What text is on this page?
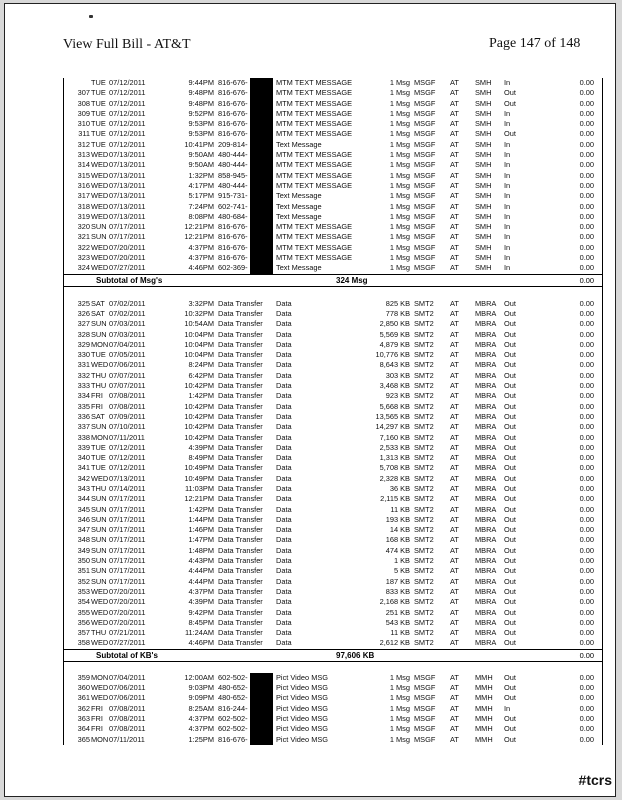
View Full Bill - AT&T	Page 147 of 148
TUE 07/12/2011	9:44PM 816-676-	MTM TEXT MESSAGE	1 Msg MSGF AT SMH In	0.00
307 TUE 07/12/2011	9:48PM 816-676-	MTM TEXT MESSAGE	1 Msg MSGF AT SMH Out	0.00
308 TUE 07/12/2011	9:48PM 816-676-	MTM TEXT MESSAGE	1 Msg MSGF AT SMH Out	0.00
309 TUE 07/12/2011	9:52PM 816-676-	MTM TEXT MESSAGE	1 Msg MSGF AT SMH In	0.00
310 TUE 07/12/2011	9:53PM 816-676-	MTM TEXT MESSAGE	1 Msg MSGF AT SMH In	0.00
311 TUE 07/12/2011	9:53PM 816-676-	MTM TEXT MESSAGE	1 Msg MSGF AT SMH Out	0.00
312 TUE 07/12/2011	10:41PM 209-814-	Text Message	1 Msg MSGF AT SMH In	0.00
313 WED 07/13/2011	9:50AM 480-444-	MTM TEXT MESSAGE	1 Msg MSGF AT SMH In	0.00
314 WED 07/13/2011	9:50AM 480-444-	MTM TEXT MESSAGE	1 Msg MSGF AT SMH In	0.00
315 WED 07/13/2011	1:32PM 858-945-	MTM TEXT MESSAGE	1 Msg MSGF AT SMH In	0.00
316 WED 07/13/2011	4:17PM 480-444-	MTM TEXT MESSAGE	1 Msg MSGF AT SMH In	0.00
317 WED 07/13/2011	5:17PM 915-731-	Text Message	1 Msg MSGF AT SMH In	0.00
318 WED 07/13/2011	7:24PM 602-741-	Text Message	1 Msg MSGF AT SMH In	0.00
319 WED 07/13/2011	8:08PM 480-684-	Text Message	1 Msg MSGF AT SMH In	0.00
320 SUN 07/17/2011	12:21PM 816-676-	MTM TEXT MESSAGE	1 Msg MSGF AT SMH In	0.00
321 SUN 07/17/2011	12:21PM 816-676-	MTM TEXT MESSAGE	1 Msg MSGF AT SMH In	0.00
322 WED 07/20/2011	4:37PM 816-676-	MTM TEXT MESSAGE	1 Msg MSGF AT SMH In	0.00
323 WED 07/20/2011	4:37PM 816-676-	MTM TEXT MESSAGE	1 Msg MSGF AT SMH In	0.00
324 WED 07/27/2011	4:46PM 602-369-	Text Message	1 Msg MSGF AT SMH In	0.00
Subtotal of Msg's	324 Msg	0.00
325 SAT 07/02/2011	3:32PM Data Transfer Data	825 KB SMT2 AT MBRA Out	0.00
326 SAT 07/02/2011	10:32PM Data Transfer Data	778 KB SMT2 AT MBRA Out	0.00
327 SUN 07/03/2011	10:54AM Data Transfer Data	2,850 KB SMT2 AT MBRA Out	0.00
328 SUN 07/03/2011	10:04PM Data Transfer Data	5,569 KB SMT2 AT MBRA Out	0.00
329 MON 07/04/2011	10:04PM Data Transfer Data	4,879 KB SMT2 AT MBRA Out	0.00
330 TUE 07/05/2011	10:04PM Data Transfer Data	10,776 KB SMT2 AT MBRA Out	0.00
331 WED 07/06/2011	8:24PM Data Transfer Data	8,643 KB SMT2 AT MBRA Out	0.00
332 THU 07/07/2011	6:42PM Data Transfer Data	303 KB SMT2 AT MBRA Out	0.00
333 THU 07/07/2011	10:42PM Data Transfer Data	3,468 KB SMT2 AT MBRA Out	0.00
334 FRI 07/08/2011	1:42PM Data Transfer Data	923 KB SMT2 AT MBRA Out	0.00
335 FRI 07/08/2011	10:42PM Data Transfer Data	5,668 KB SMT2 AT MBRA Out	0.00
336 SAT 07/09/2011	10:42PM Data Transfer Data	13,565 KB SMT2 AT MBRA Out	0.00
337 SUN 07/10/2011	10:42PM Data Transfer Data	14,297 KB SMT2 AT MBRA Out	0.00
338 MON 07/11/2011	10:42PM Data Transfer Data	7,160 KB SMT2 AT MBRA Out	0.00
339 TUE 07/12/2011	4:39PM Data Transfer Data	2,533 KB SMT2 AT MBRA Out	0.00
340 TUE 07/12/2011	8:49PM Data Transfer Data	1,313 KB SMT2 AT MBRA Out	0.00
341 TUE 07/12/2011	10:49PM Data Transfer Data	5,708 KB SMT2 AT MBRA Out	0.00
342 WED 07/13/2011	10:49PM Data Transfer Data	2,328 KB SMT2 AT MBRA Out	0.00
343 THU 07/14/2011	11:03PM Data Transfer Data	36 KB SMT2 AT MBRA Out	0.00
344 SUN 07/17/2011	12:21PM Data Transfer Data	2,115 KB SMT2 AT MBRA Out	0.00
345 SUN 07/17/2011	1:42PM Data Transfer Data	11 KB SMT2 AT MBRA Out	0.00
346 SUN 07/17/2011	1:44PM Data Transfer Data	193 KB SMT2 AT MBRA Out	0.00
347 SUN 07/17/2011	1:46PM Data Transfer Data	14 KB SMT2 AT MBRA Out	0.00
348 SUN 07/17/2011	1:47PM Data Transfer Data	168 KB SMT2 AT MBRA Out	0.00
349 SUN 07/17/2011	1:48PM Data Transfer Data	474 KB SMT2 AT MBRA Out	0.00
350 SUN 07/17/2011	4:43PM Data Transfer Data	1 KB SMT2 AT MBRA Out	0.00
351 SUN 07/17/2011	4:44PM Data Transfer Data	5 KB SMT2 AT MBRA Out	0.00
352 SUN 07/17/2011	4:44PM Data Transfer Data	187 KB SMT2 AT MBRA Out	0.00
353 WED 07/20/2011	4:37PM Data Transfer Data	833 KB SMT2 AT MBRA Out	0.00
354 WED 07/20/2011	4:39PM Data Transfer Data	2,168 KB SMT2 AT MBRA Out	0.00
355 WED 07/20/2011	9:42PM Data Transfer Data	251 KB SMT2 AT MBRA Out	0.00
356 WED 07/20/2011	8:45PM Data Transfer Data	543 KB SMT2 AT MBRA Out	0.00
357 THU 07/21/2011	11:24AM Data Transfer Data	11 KB SMT2 AT MBRA Out	0.00
358 WED 07/27/2011	4:46PM Data Transfer Data	2,612 KB SMT2 AT MBRA Out	0.00
Subtotal of KB's	97,606 KB	0.00
359 MON 07/04/2011	12:00AM 602-502-	Pict Video MSG	1 Msg MSGF AT MMH Out	0.00
360 WED 07/06/2011	9:03PM 480-652-	Pict Video MSG	1 Msg MSGF AT MMH Out	0.00
361 WED 07/06/2011	9:09PM 480-652-	Pict Video MSG	1 Msg MSGF AT MMH Out	0.00
362 FRI 07/08/2011	8:25AM 816-244-	Pict Video MSG	1 Msg MSGF AT MMH In	0.00
363 FRI 07/08/2011	4:37PM 602-502-	Pict Video MSG	1 Msg MSGF AT MMH Out	0.00
364 FRI 07/08/2011	4:37PM 602-502-	Pict Video MSG	1 Msg MSGF AT MMH Out	0.00
365 MON 07/11/2011	1:25PM 816-676-	Pict Video MSG	1 Msg MSGF AT MMH Out	0.00
#tcrs
